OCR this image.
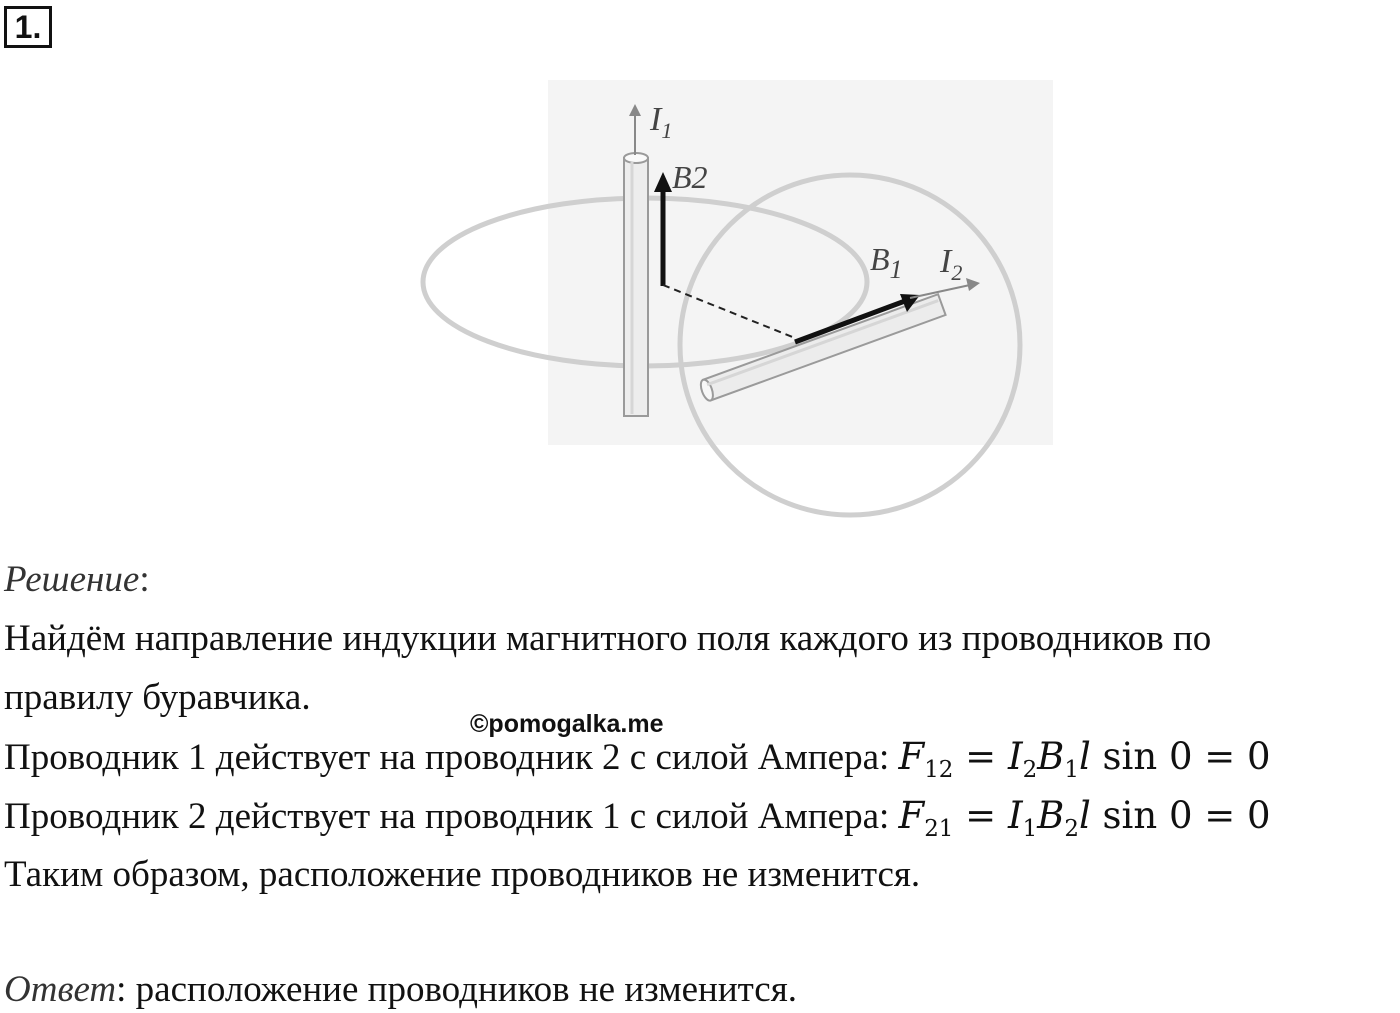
1.
$I_1$
B2
$B_1$ $I_2$
Решение:
Найдём направление индукции магнитного поля каждого из проводников по
правилу буравчика.
©pomogalka.me
Проводник 1 действует на проводник 2 с силой Ампера: $F_{12} = I_2B_1l$ sin 0 = 0
Проводник 2 действует на проводник 1 с силой Ампера: $F_{21} = I_1B_2l$ sin 0 = 0
Таким образом, расположение проводников не изменится.
Ответ: расположение проводников не изменится.
